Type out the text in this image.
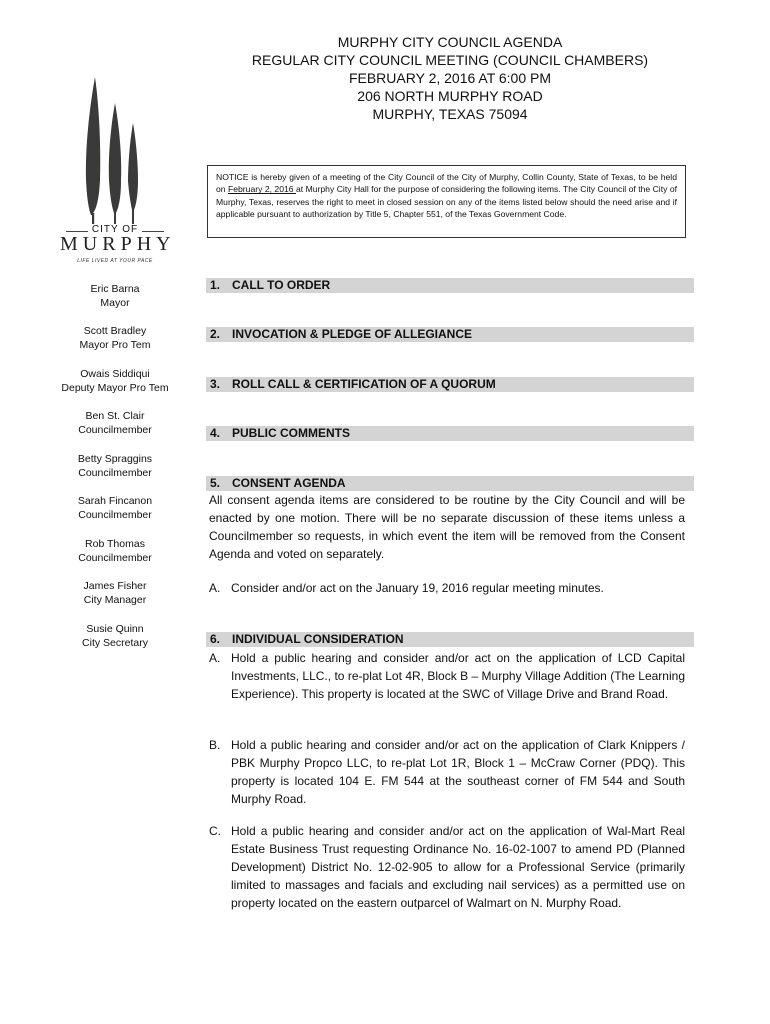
MURPHY CITY COUNCIL AGENDA
REGULAR CITY COUNCIL MEETING (COUNCIL CHAMBERS)
FEBRUARY 2, 2016 AT 6:00 PM
206 NORTH MURPHY ROAD
MURPHY, TEXAS 75094
CITY OF
MURPHY
LIFE LIVED AT YOUR PACE
NOTICE is hereby given of a meeting of the City Council of the City of Murphy, Collin County, State of Texas, to be held on February 2, 2016 at Murphy City Hall for the purpose of considering the following items. The City Council of the City of Murphy, Texas, reserves the right to meet in closed session on any of the items listed below should the need arise and if applicable pursuant to authorization by Title 5, Chapter 551, of the Texas Government Code.
Eric Barna
Mayor
Scott Bradley
Mayor Pro Tem
Owais Siddiqui
Deputy Mayor Pro Tem
Ben St. Clair
Councilmember
Betty Spraggins
Councilmember
Sarah Fincanon
Councilmember
Rob Thomas
Councilmember
James Fisher
City Manager
Susie Quinn
City Secretary
1. CALL TO ORDER
2. INVOCATION & PLEDGE OF ALLEGIANCE
3. ROLL CALL & CERTIFICATION OF A QUORUM
4. PUBLIC COMMENTS
5. CONSENT AGENDA
All consent agenda items are considered to be routine by the City Council and will be enacted by one motion. There will be no separate discussion of these items unless a Councilmember so requests, in which event the item will be removed from the Consent Agenda and voted on separately.
A. Consider and/or act on the January 19, 2016 regular meeting minutes.
6. INDIVIDUAL CONSIDERATION
A. Hold a public hearing and consider and/or act on the application of LCD Capital Investments, LLC., to re-plat Lot 4R, Block B – Murphy Village Addition (The Learning Experience). This property is located at the SWC of Village Drive and Brand Road.
B. Hold a public hearing and consider and/or act on the application of Clark Knippers / PBK Murphy Propco LLC, to re-plat Lot 1R, Block 1 – McCraw Corner (PDQ). This property is located 104 E. FM 544 at the southeast corner of FM 544 and South Murphy Road.
C. Hold a public hearing and consider and/or act on the application of Wal-Mart Real Estate Business Trust requesting Ordinance No. 16-02-1007 to amend PD (Planned Development) District No. 12-02-905 to allow for a Professional Service (primarily limited to massages and facials and excluding nail services) as a permitted use on property located on the eastern outparcel of Walmart on N. Murphy Road.
